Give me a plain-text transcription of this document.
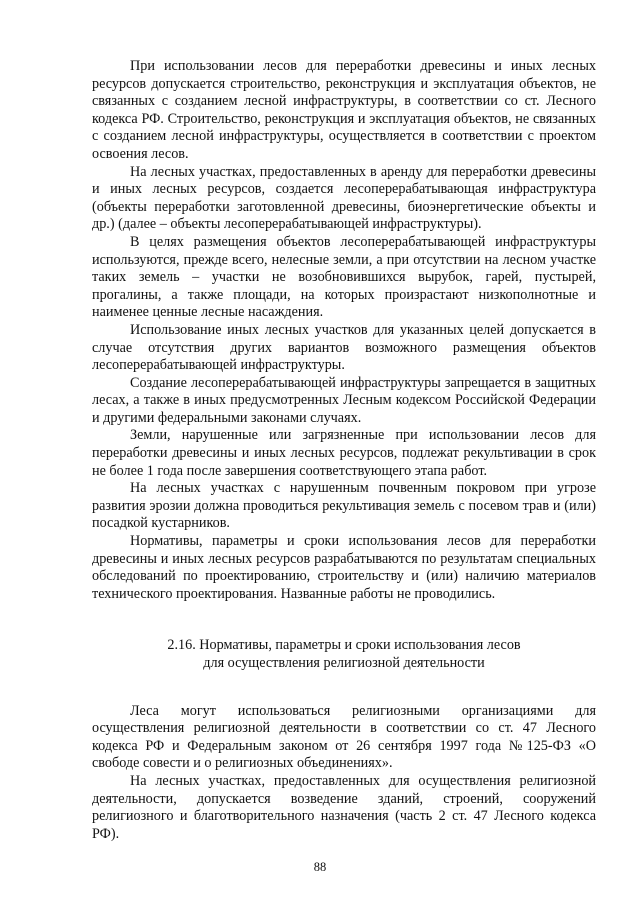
При использовании лесов для переработки древесины и иных лесных ресурсов допускается строительство, реконструкция и эксплуатация объектов, не связанных с созданием лесной инфраструктуры, в соответствии со ст. Лесного кодекса РФ. Строительство, реконструкция и эксплуатация объектов, не связанных с созданием лесной инфраструктуры, осуществляется в соответствии с проектом освоения лесов.

На лесных участках, предоставленных в аренду для переработки древесины и иных лесных ресурсов, создается лесоперерабатывающая инфраструктура (объекты переработки заготовленной древесины, биоэнергетические объекты и др.) (далее – объекты лесоперерабатывающей инфраструктуры).

В целях размещения объектов лесоперерабатывающей инфраструктуры используются, прежде всего, нелесные земли, а при отсутствии на лесном участке таких земель – участки не возобновившихся вырубок, гарей, пустырей, прогалины, а также площади, на которых произрастают низкополнотные и наименее ценные лесные насаждения.

Использование иных лесных участков для указанных целей допускается в случае отсутствия других вариантов возможного размещения объектов лесоперерабатывающей инфраструктуры.

Создание лесоперерабатывающей инфраструктуры запрещается в защитных лесах, а также в иных предусмотренных Лесным кодексом Российской Федерации и другими федеральными законами случаях.

Земли, нарушенные или загрязненные при использовании лесов для переработки древесины и иных лесных ресурсов, подлежат рекультивации в срок не более 1 года после завершения соответствующего этапа работ.

На лесных участках с нарушенным почвенным покровом при угрозе развития эрозии должна проводиться рекультивация земель с посевом трав и (или) посадкой кустарников.

Нормативы, параметры и сроки использования лесов для переработки древесины и иных лесных ресурсов разрабатываются по результатам специальных обследований по проектированию, строительству и (или) наличию материалов технического проектирования. Названные работы не проводились.

2.16. Нормативы, параметры и сроки использования лесов
для осуществления религиозной деятельности

Леса могут использоваться религиозными организациями для осуществления религиозной деятельности в соответствии со ст. 47 Лесного кодекса РФ и Федеральным законом от 26 сентября 1997 года №125-ФЗ «О свободе совести и о религиозных объединениях».

На лесных участках, предоставленных для осуществления религиозной деятельности, допускается возведение зданий, строений, сооружений религиозного и благотворительного назначения (часть 2 ст. 47 Лесного кодекса РФ).

88
